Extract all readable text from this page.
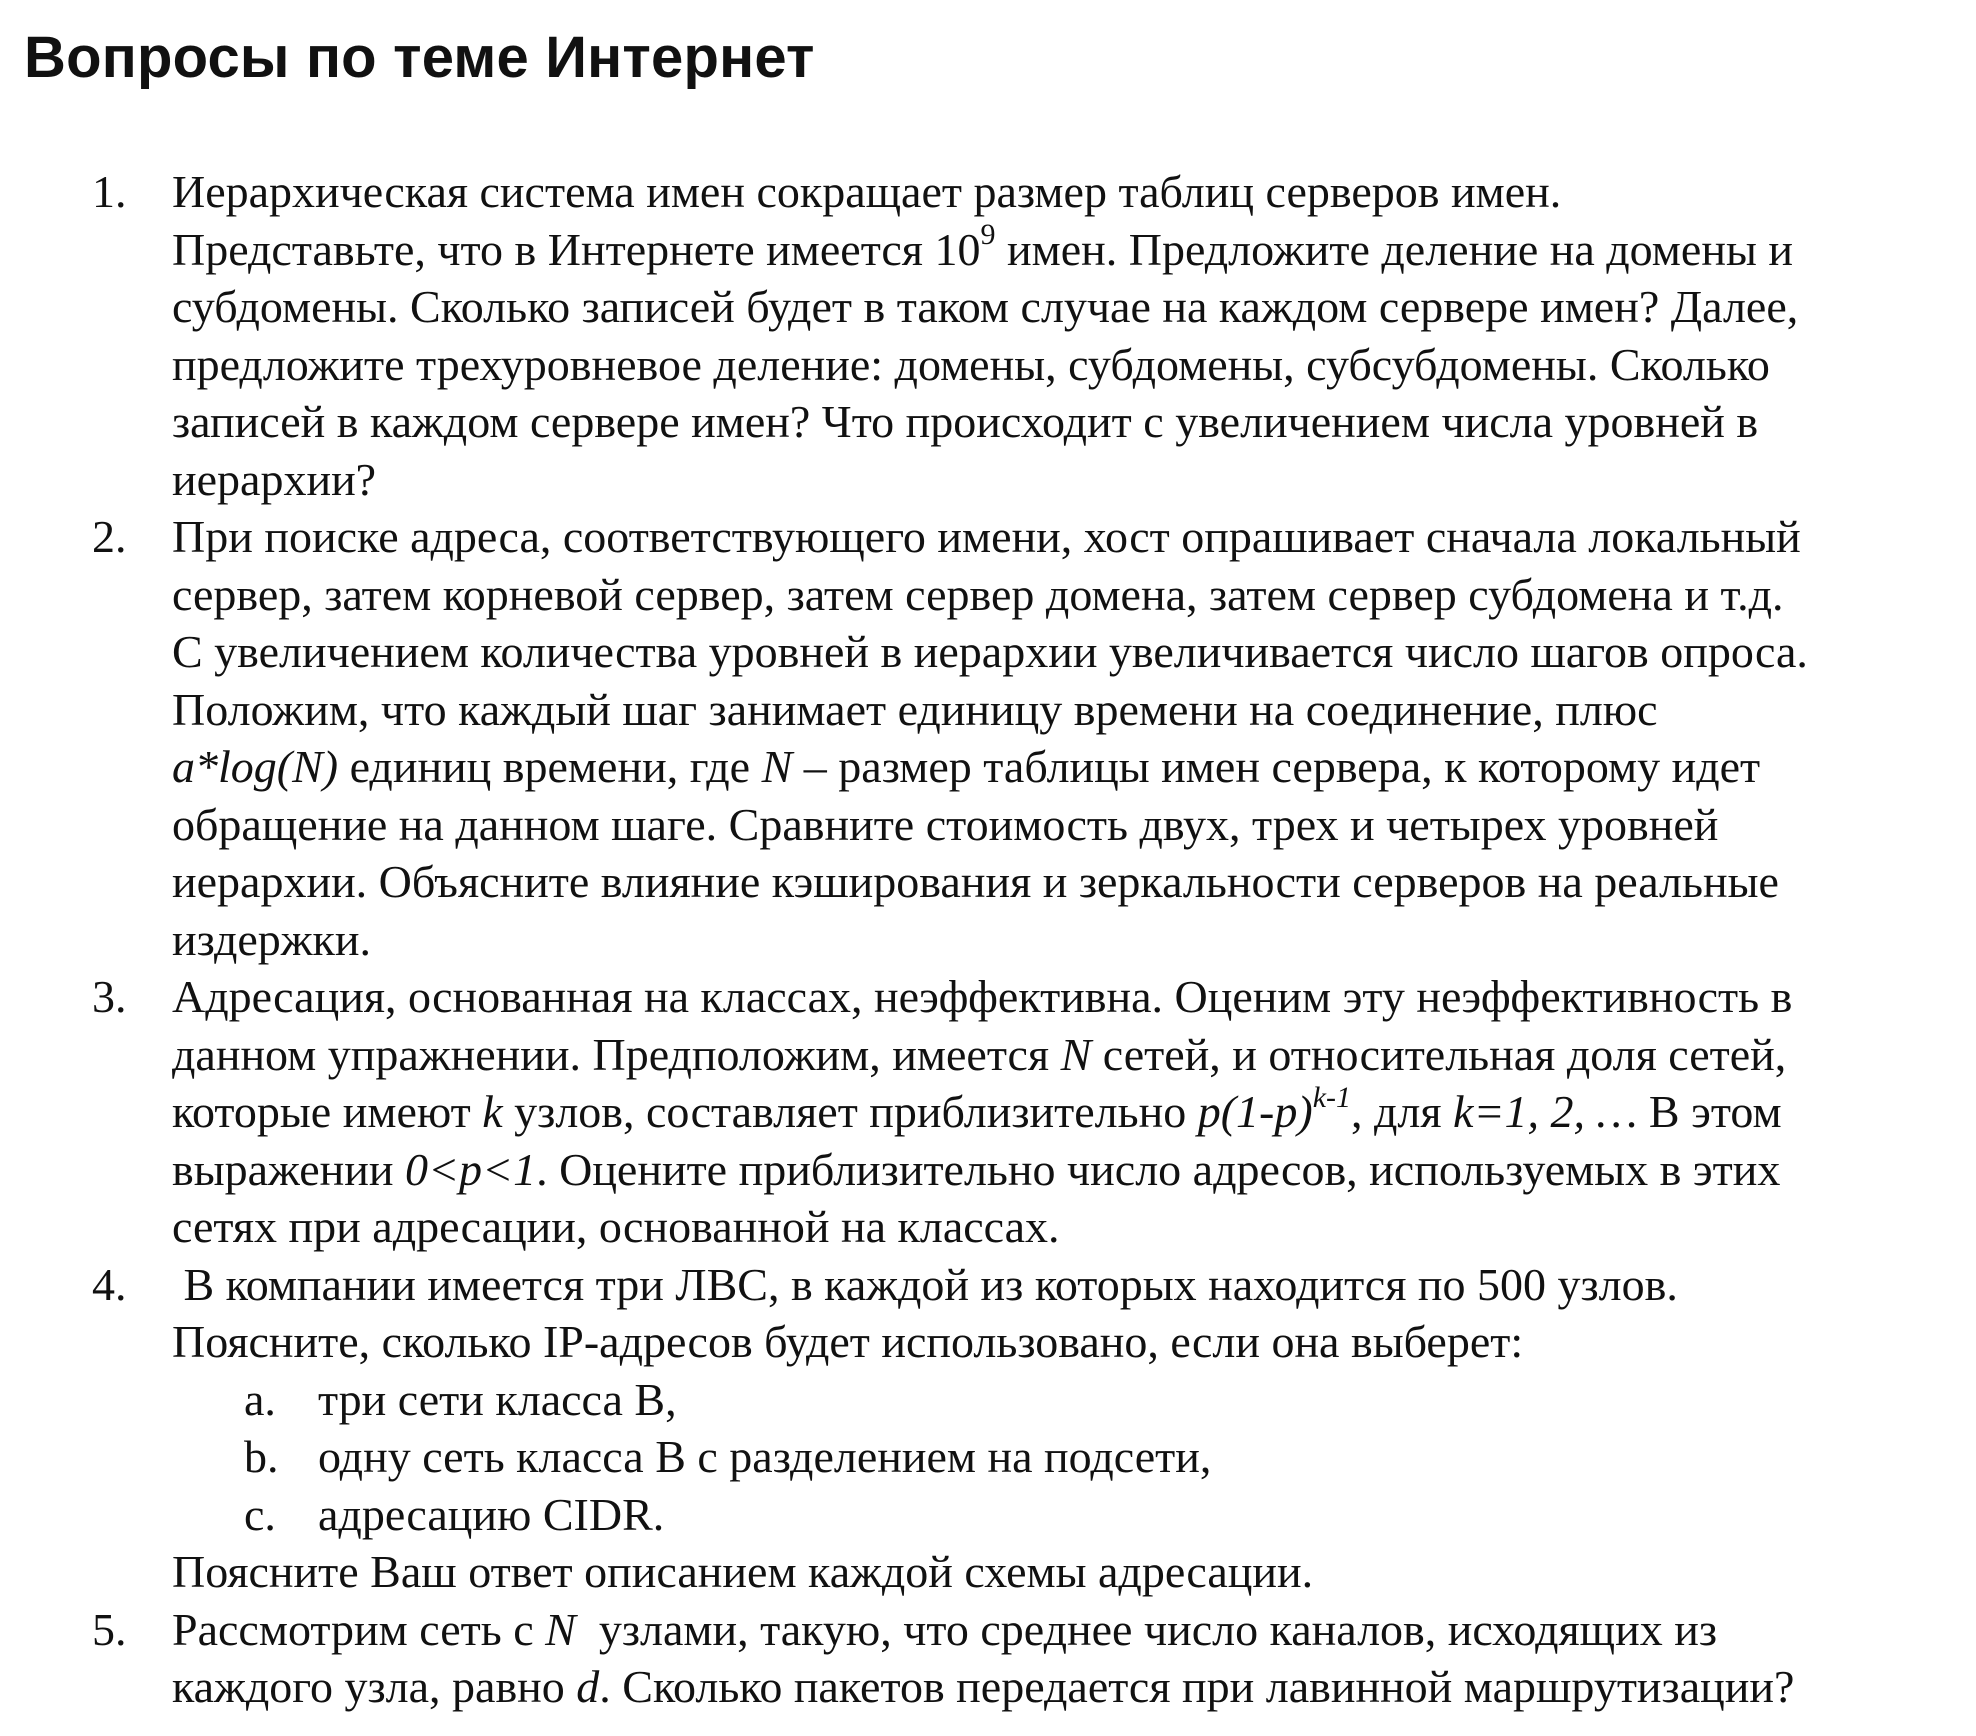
Вопросы по теме Интернет
1. Иерархическая система имен сокращает размер таблиц серверов имен.
Представьте, что в Интернете имеется $10^9$ имен. Предложите деление на домены и
субдомены. Сколько записей будет в таком случае на каждом сервере имен? Далее,
предложите трехуровневое деление: домены, субдомены, субсубдомены. Сколько
записей в каждом сервере имен? Что происходит с увеличением числа уровней в
иерархии?
2. При поиске адреса, соответствующего имени, хост опрашивает сначала локальный
сервер, затем корневой сервер, затем сервер домена, затем сервер субдомена и т.д.
С увеличением количества уровней в иерархии увеличивается число шагов опроса.
Положим, что каждый шаг занимает единицу времени на соединение, плюс
a*log(N) единиц времени, где N – размер таблицы имен сервера, к которому идет
обращение на данном шаге. Сравните стоимость двух, трех и четырех уровней
иерархии. Объясните влияние кэширования и зеркальности серверов на реальные
издержки.
3. Адресация, основанная на классах, неэффективна. Оценим эту неэффективность в
данном упражнении. Предположим, имеется N сетей, и относительная доля сетей,
которые имеют k узлов, составляет приблизительно $p(1-p)^{k-1}$, для k=1, 2, … В этом
выражении 0<p<1. Оцените приблизительно число адресов, используемых в этих
сетях при адресации, основанной на классах.
4. В компании имеется три ЛВС, в каждой из которых находится по 500 узлов.
Поясните, сколько IP-адресов будет использовано, если она выберет:
a. три сети класса B,
b. одну сеть класса B с разделением на подсети,
c. адресацию CIDR.
Поясните Ваш ответ описанием каждой схемы адресации.
5. Рассмотрим сеть с N  узлами, такую, что среднее число каналов, исходящих из
каждого узла, равно d. Сколько пакетов передается при лавинной маршрутизации?
